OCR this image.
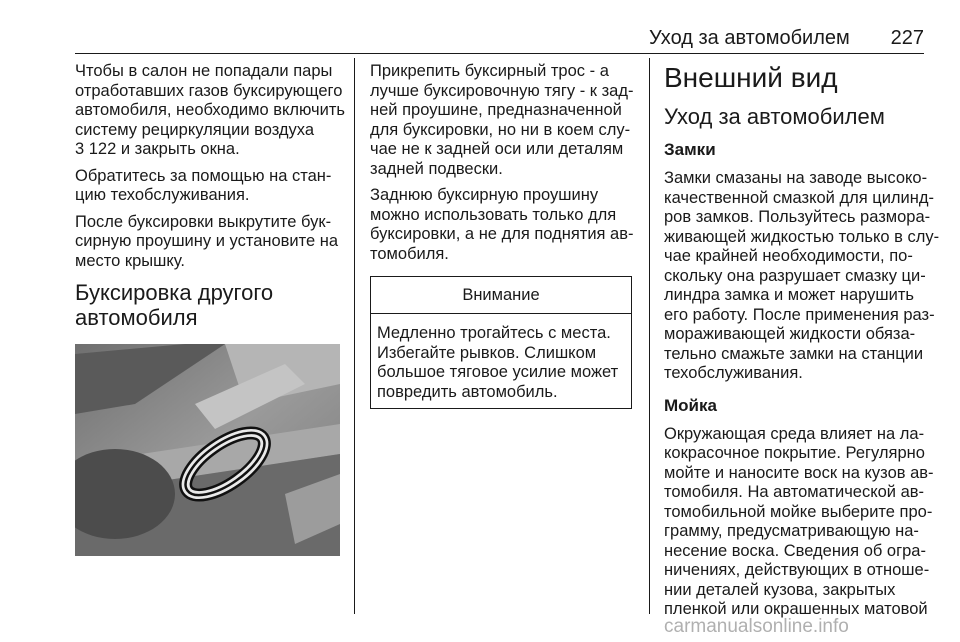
Уход за автомобилем 227

Чтобы в салон не попадали пары
отработавших газов буксирующего
автомобиля, необходимо включить
систему рециркуляции воздуха
3 122 и закрыть окна.

Обратитесь за помощью на стан-
цию техобслуживания.

После буксировки выкрутите бук-
сирную проушину и установите на
место крышку.

Буксировка другого
автомобиля

Прикрепить буксирный трос - а
лучше буксировочную тягу - к зад-
ней проушине, предназначенной
для буксировки, но ни в коем слу-
чае не к задней оси или деталям
задней подвески.

Заднюю буксирную проушину
можно использовать только для
буксировки, а не для поднятия ав-
томобиля.

Внимание

Медленно трогайтесь с места.
Избегайте рывков. Слишком
большое тяговое усилие может
повредить автомобиль.

Внешний вид
Уход за автомобилем
Замки

Замки смазаны на заводе высоко-
качественной смазкой для цилинд-
ров замков. Пользуйтесь размора-
живающей жидкостью только в слу-
чае крайней необходимости, по-
скольку она разрушает смазку ци-
линдра замка и может нарушить
его работу. После применения раз-
мораживающей жидкости обяза-
тельно смажьте замки на станции
техобслуживания.

Мойка

Окружающая среда влияет на ла-
кокрасочное покрытие. Регулярно
мойте и наносите воск на кузов ав-
томобиля. На автоматической ав-
томобильной мойке выберите про-
грамму, предусматривающую на-
несение воска. Сведения об огра-
ничениях, действующих в отноше-
нии деталей кузова, закрытых
пленкой или окрашенных матовой

carmanualsonline.info
